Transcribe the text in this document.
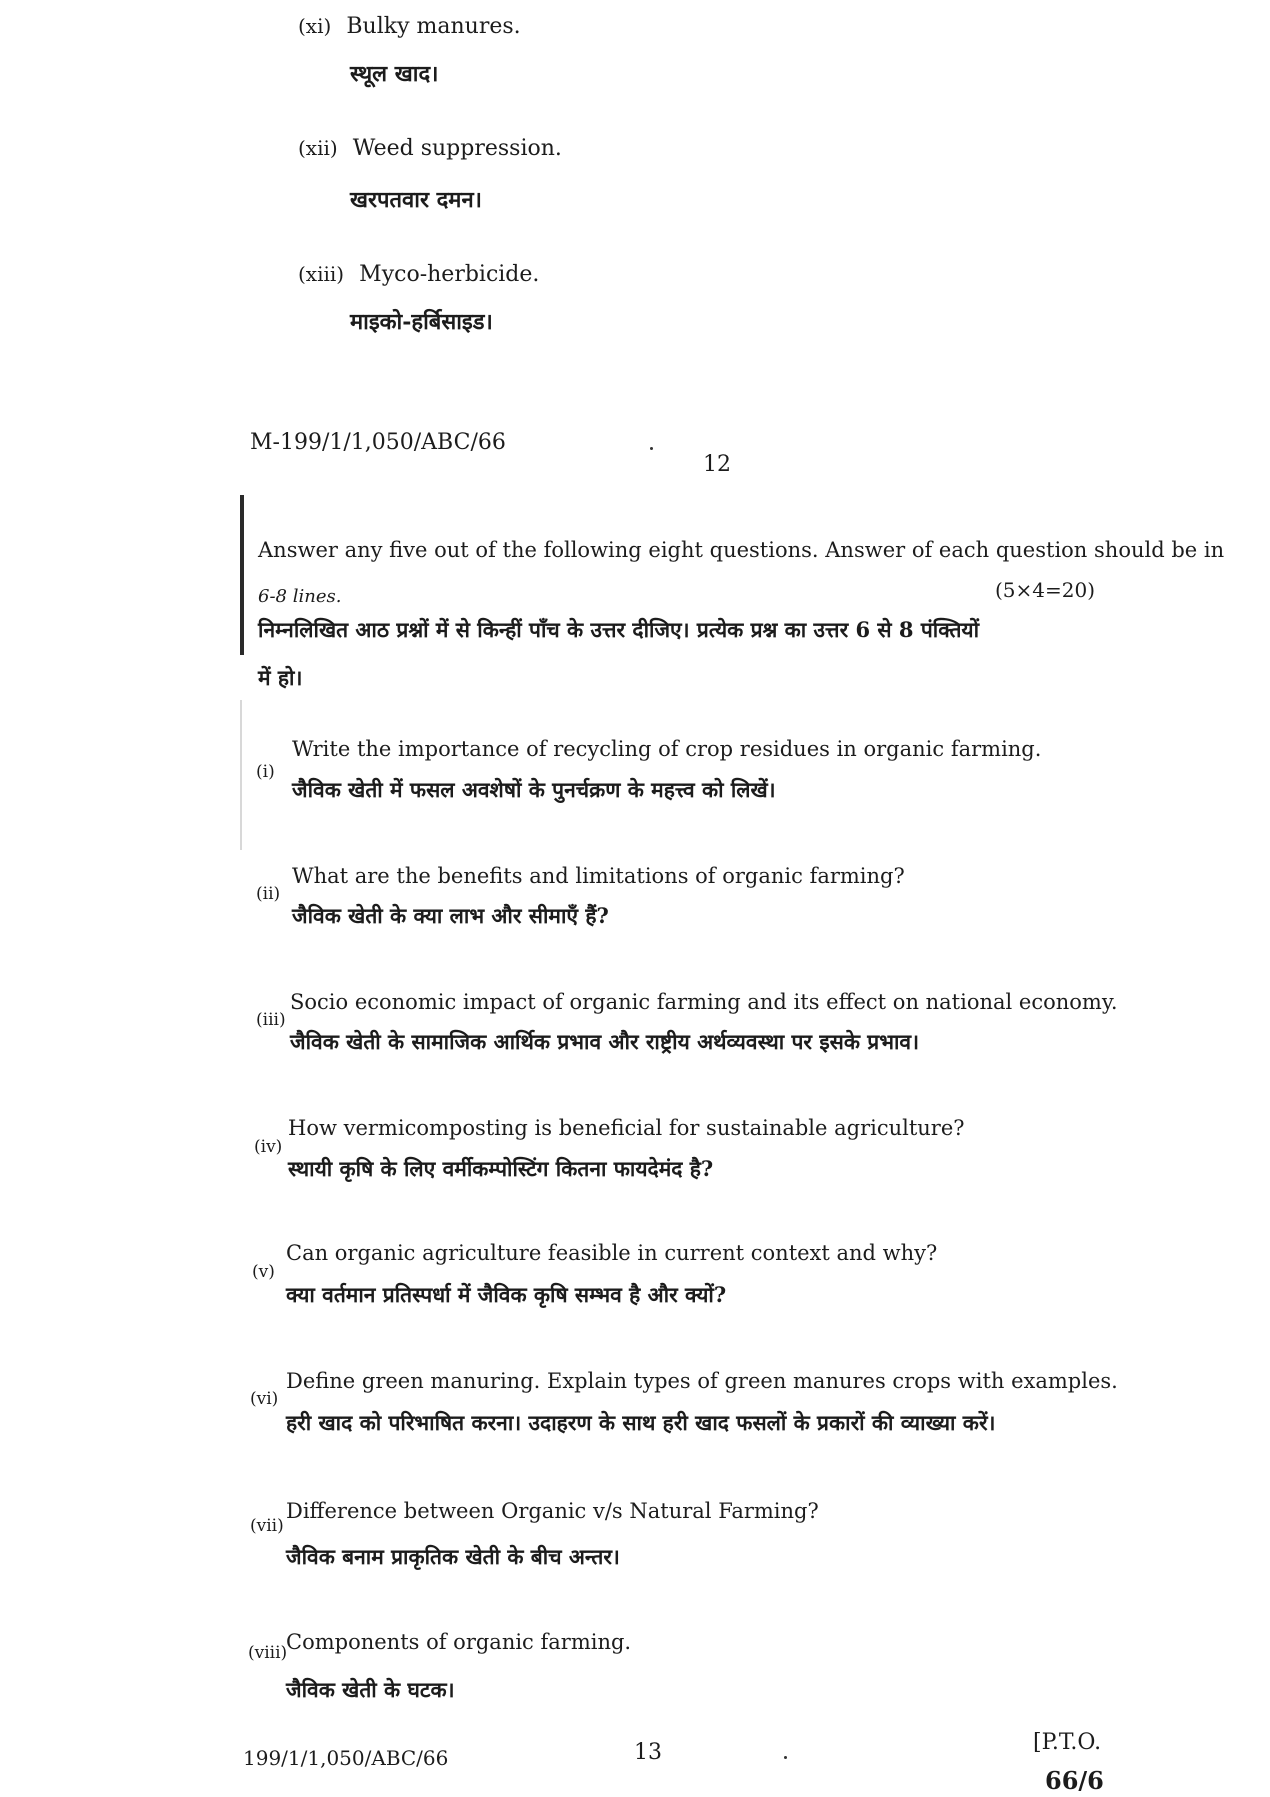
(xi) Bulky manures.
स्थूल खाद।
(xii) Weed suppression.
खरपतवार दमन।
(xiii) Myco-herbicide.
माइको-हर्बिसाइड।
M-199/1/1,050/ABC/66
12
Answer any five out of the following eight questions. Answer of each question should be in
6-8 lines.	(5×4=20)
निम्नलिखित आठ प्रश्नों में से किन्हीं पाँच के उत्तर दीजिए। प्रत्येक प्रश्न का उत्तर 6 से 8 पंक्तियों
में हो।
(i)
Write the importance of recycling of crop residues in organic farming.
जैविक खेती में फसल अवशेषों के पुनर्चक्रण के महत्त्व को लिखें।
(ii)
What are the benefits and limitations of organic farming?
जैविक खेती के क्या लाभ और सीमाएँ हैं?
(iii)
Socio economic impact of organic farming and its effect on national economy.
जैविक खेती के सामाजिक आर्थिक प्रभाव और राष्ट्रीय अर्थव्यवस्था पर इसके प्रभाव।
(iv)
How vermicomposting is beneficial for sustainable agriculture?
स्थायी कृषि के लिए वर्मीकम्पोस्टिंग कितना फायदेमंद है?
(v)
Can organic agriculture feasible in current context and why?
क्या वर्तमान प्रतिस्पर्धा में जैविक कृषि सम्भव है और क्यों?
(vi)
Define green manuring. Explain types of green manures crops with examples.
हरी खाद को परिभाषित करना। उदाहरण के साथ हरी खाद फसलों के प्रकारों की व्याख्या करें।
(vii)
Difference between Organic v/s Natural Farming?
जैविक बनाम प्राकृतिक खेती के बीच अन्तर।
(viii)
Components of organic farming.
जैविक खेती के घटक।
199/1/1,050/ABC/66	13	[P.T.O.
66/6
